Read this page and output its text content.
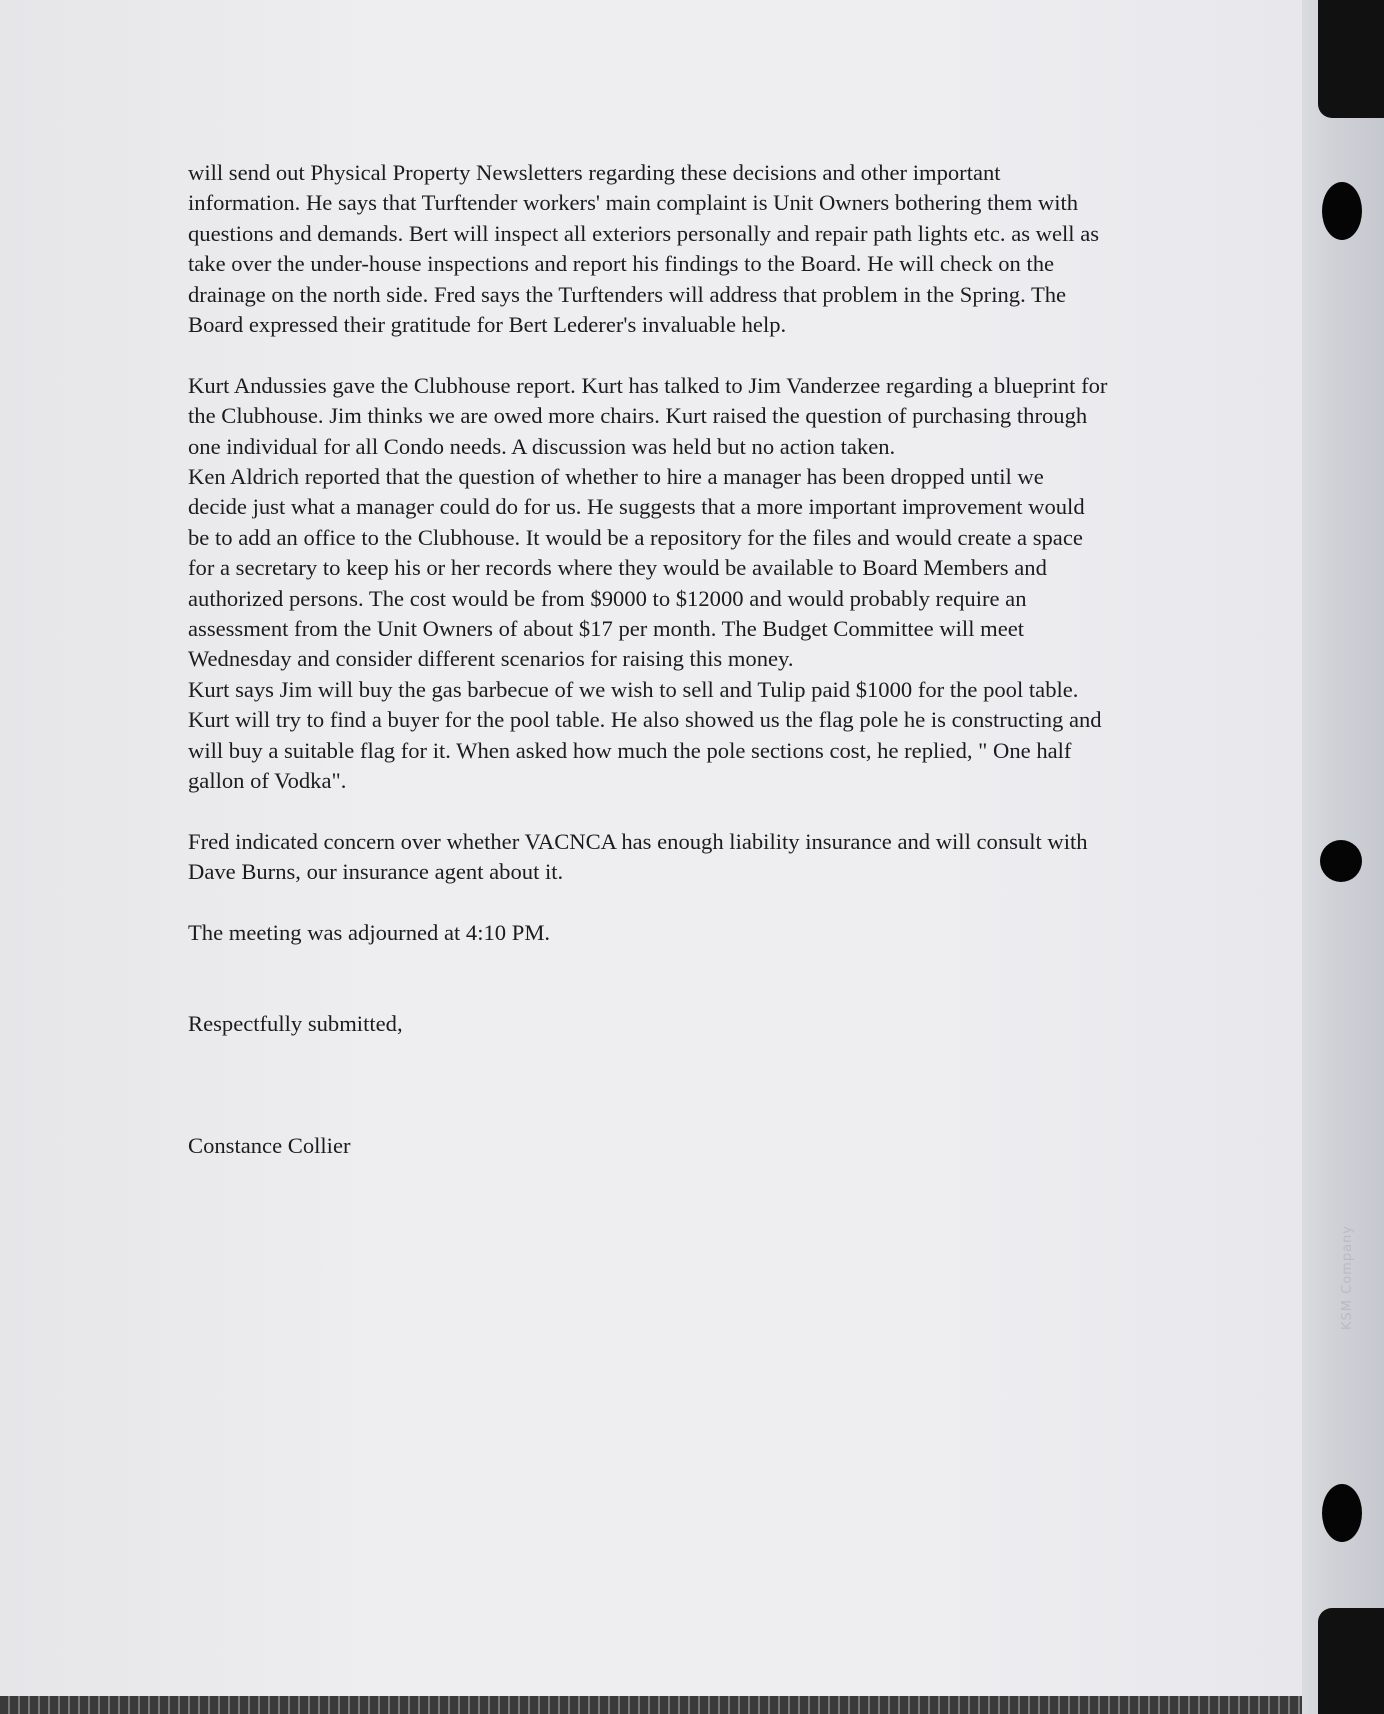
KSM Company

will send out Physical Property Newsletters regarding these decisions and other important information. He says that Turftender workers' main complaint is Unit Owners bothering them with questions and demands. Bert will inspect all exteriors personally and repair path lights etc. as well as take over the under-house inspections and report his findings to the Board. He will check on the drainage on the north side. Fred says the Turftenders will address that problem in the Spring. The Board expressed their gratitude for Bert Lederer's invaluable help.

Kurt Andussies gave the Clubhouse report. Kurt has talked to Jim Vanderzee regarding a blueprint for the Clubhouse. Jim thinks we are owed more chairs. Kurt raised the question of purchasing through one individual for all Condo needs. A discussion was held but no action taken.

Ken Aldrich reported that the question of whether to hire a manager has been dropped until we decide just what a manager could do for us. He suggests that a more important improvement would be to add an office to the Clubhouse. It would be a repository for the files and would create a space for a secretary to keep his or her records where they would be available to Board Members and authorized persons. The cost would be from $9000 to $12000 and would probably require an assessment from the Unit Owners of about $17 per month. The Budget Committee will meet Wednesday and consider different scenarios for raising this money.

Kurt says Jim will buy the gas barbecue of we wish to sell and Tulip paid $1000 for the pool table. Kurt will try to find a buyer for the pool table. He also showed us the flag pole he is constructing and will buy a suitable flag for it. When asked how much the pole sections cost, he replied, " One half gallon of Vodka".

Fred indicated concern over whether VACNCA has enough liability insurance and will consult with Dave Burns, our insurance agent about it.

The meeting was adjourned at 4:10 PM.

Respectfully submitted,

Constance Collier
